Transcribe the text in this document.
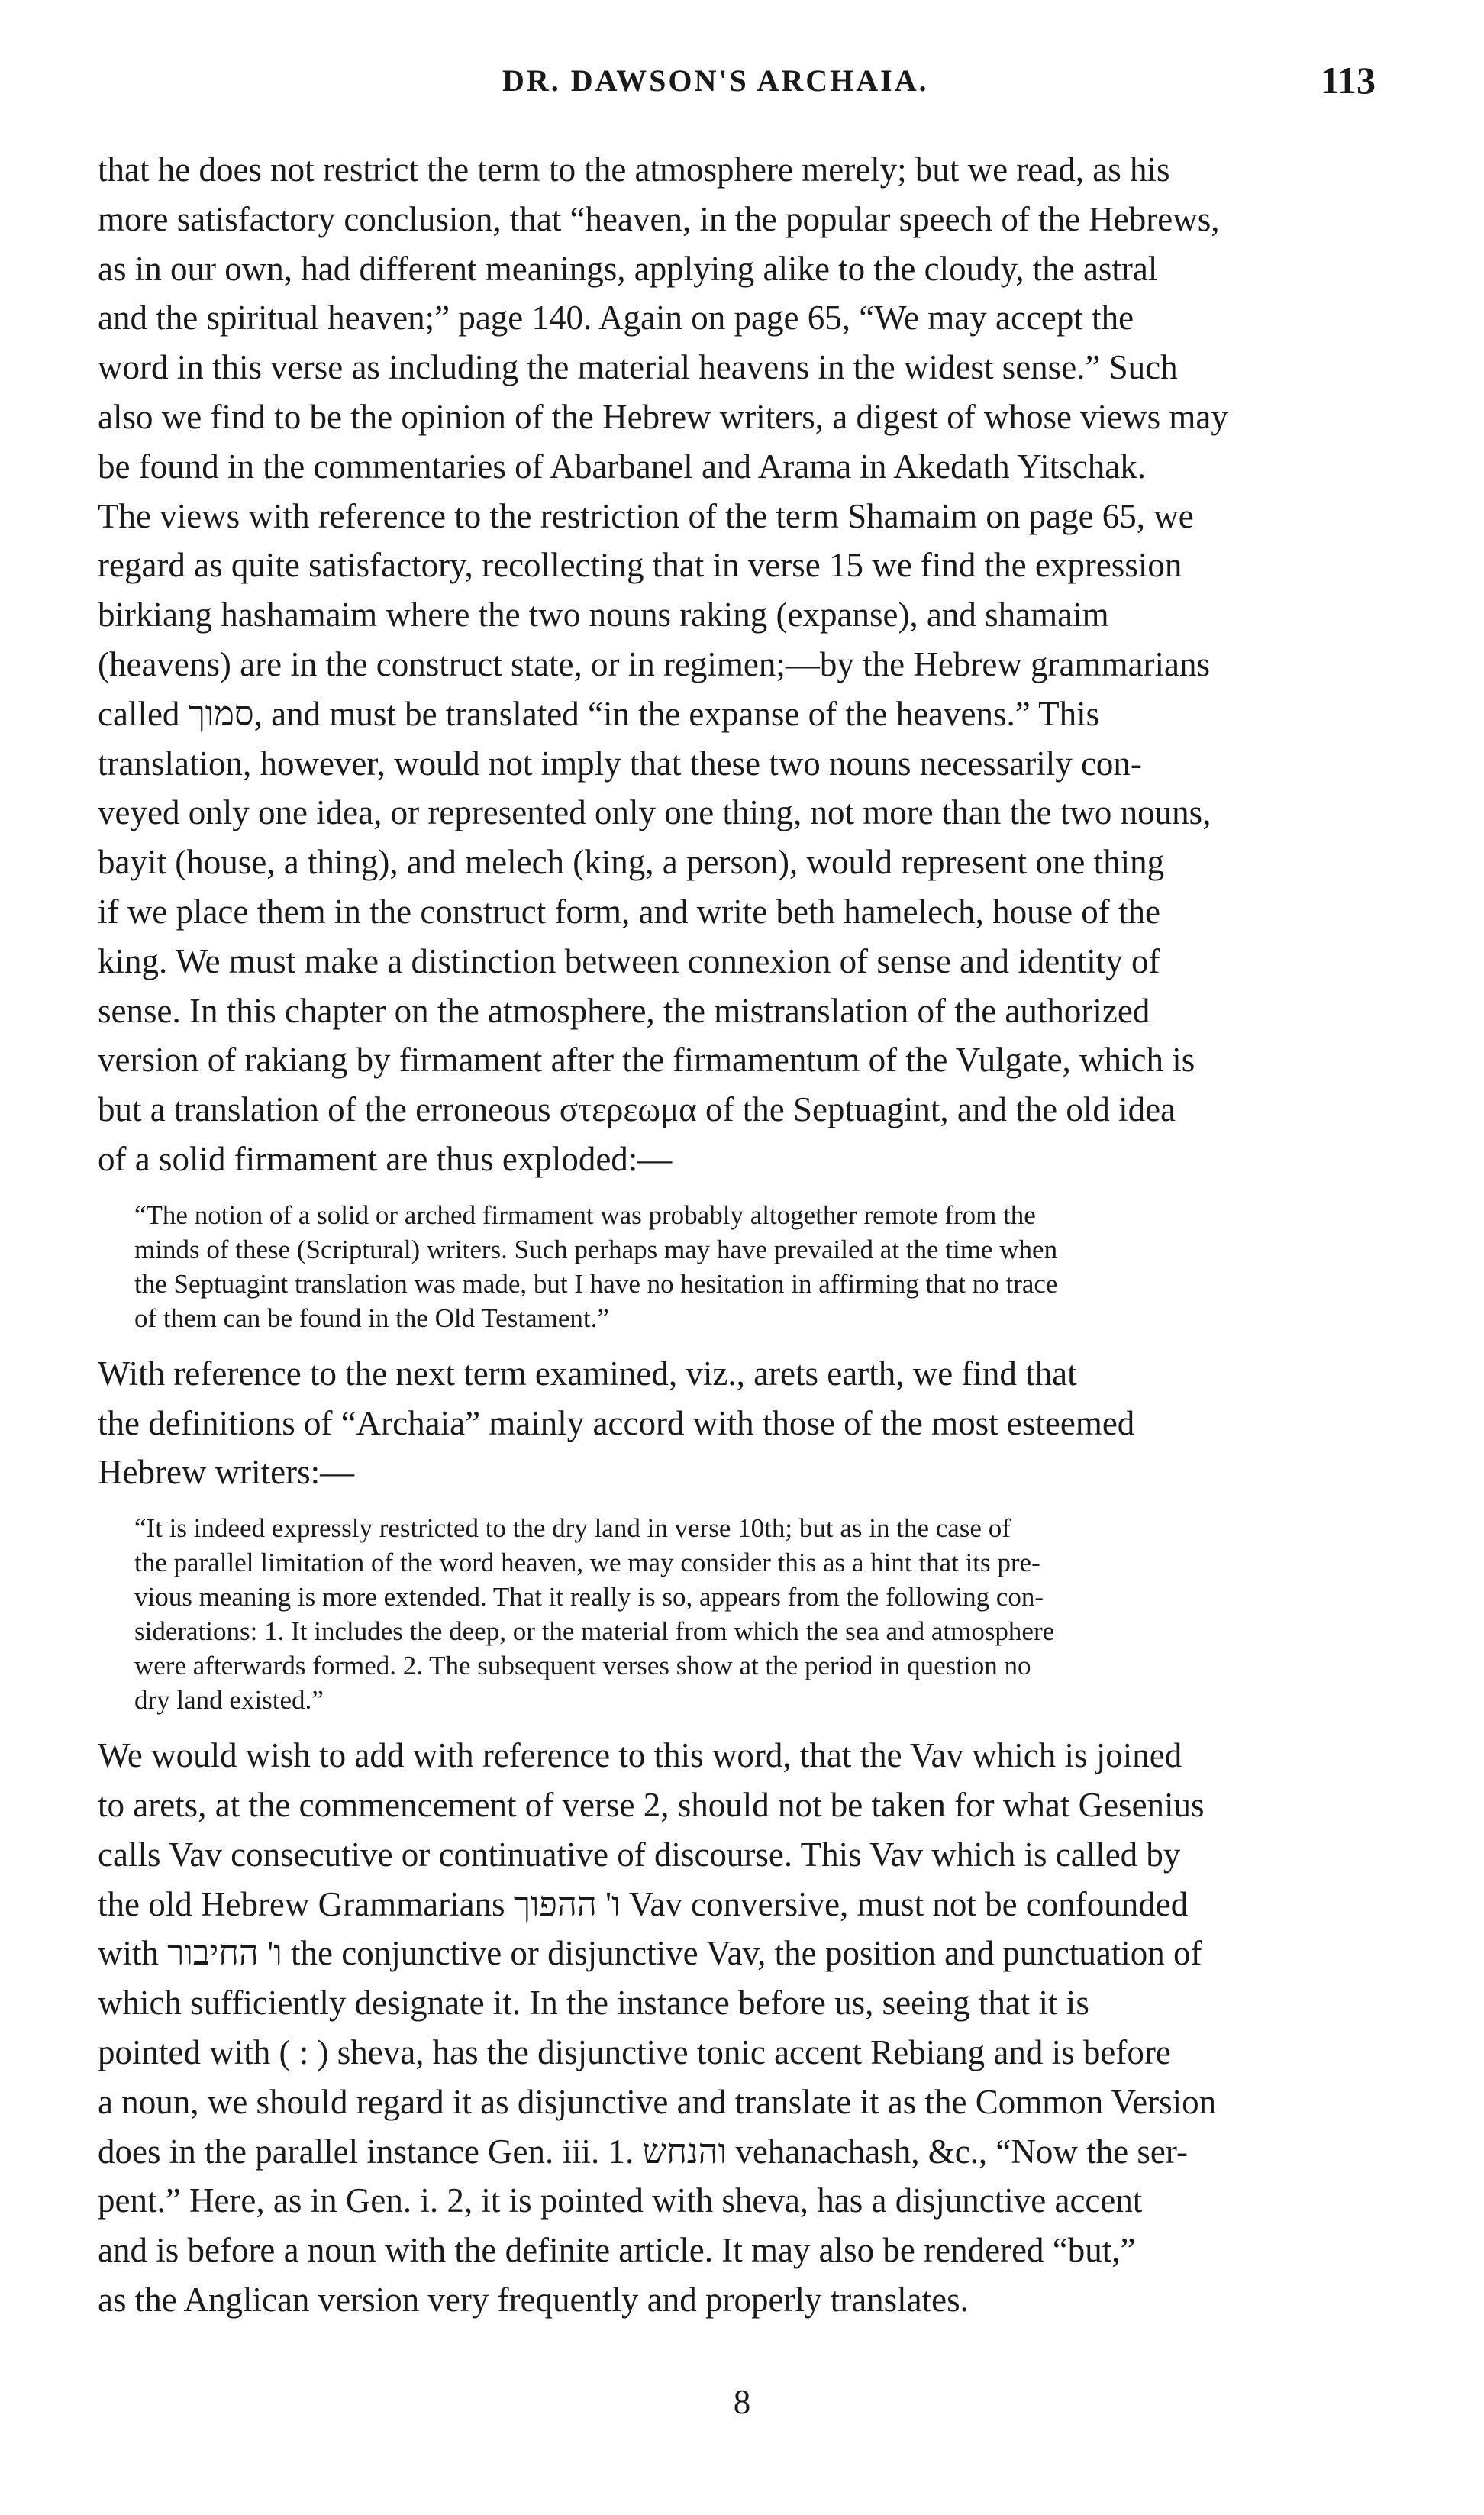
DR. DAWSON'S ARCHAIA.	113
that he does not restrict the term to the atmosphere merely; but we read, as his
more satisfactory conclusion, that “heaven, in the popular speech of the Hebrews,
as in our own, had different meanings, applying alike to the cloudy, the astral
and the spiritual heaven;” page 140. Again on page 65, “We may accept the
word in this verse as including the material heavens in the widest sense.” Such
also we find to be the opinion of the Hebrew writers, a digest of whose views may
be found in the commentaries of Abarbanel and Arama in Akedath Yitschak.
The views with reference to the restriction of the term Shamaim on page 65, we
regard as quite satisfactory, recollecting that in verse 15 we find the expression
birkiang hashamaim where the two nouns raking (expanse), and shamaim
(heavens) are in the construct state, or in regimen;—by the Hebrew grammarians
called סמוך, and must be translated “in the expanse of the heavens.” This
translation, however, would not imply that these two nouns necessarily con-
veyed only one idea, or represented only one thing, not more than the two nouns,
bayit (house, a thing), and melech (king, a person), would represent one thing
if we place them in the construct form, and write beth hamelech, house of the
king. We must make a distinction between connexion of sense and identity of
sense. In this chapter on the atmosphere, the mistranslation of the authorized
version of rakiang by firmament after the firmamentum of the Vulgate, which is
but a translation of the erroneous στερεωμα of the Septuagint, and the old idea
of a solid firmament are thus exploded:—
“The notion of a solid or arched firmament was probably altogether remote from the
minds of these (Scriptural) writers. Such perhaps may have prevailed at the time when
the Septuagint translation was made, but I have no hesitation in affirming that no trace
of them can be found in the Old Testament.”
With reference to the next term examined, viz., arets earth, we find that
the definitions of “Archaia” mainly accord with those of the most esteemed
Hebrew writers:—
“It is indeed expressly restricted to the dry land in verse 10th; but as in the case of
the parallel limitation of the word heaven, we may consider this as a hint that its pre-
vious meaning is more extended. That it really is so, appears from the following con-
siderations: 1. It includes the deep, or the material from which the sea and atmosphere
were afterwards formed. 2. The subsequent verses show at the period in question no
dry land existed.”
We would wish to add with reference to this word, that the Vav which is joined
to arets, at the commencement of verse 2, should not be taken for what Gesenius
calls Vav consecutive or continuative of discourse. This Vav which is called by
the old Hebrew Grammarians ו' ההפוך Vav conversive, must not be confounded
with ו' החיבור the conjunctive or disjunctive Vav, the position and punctuation of
which sufficiently designate it. In the instance before us, seeing that it is
pointed with ( : ) sheva, has the disjunctive tonic accent Rebiang and is before
a noun, we should regard it as disjunctive and translate it as the Common Version
does in the parallel instance Gen. iii. 1. והנחש vehanachash, &c., “Now the ser-
pent.” Here, as in Gen. i. 2, it is pointed with sheva, has a disjunctive accent
and is before a noun with the definite article. It may also be rendered “but,”
as the Anglican version very frequently and properly translates.
8
